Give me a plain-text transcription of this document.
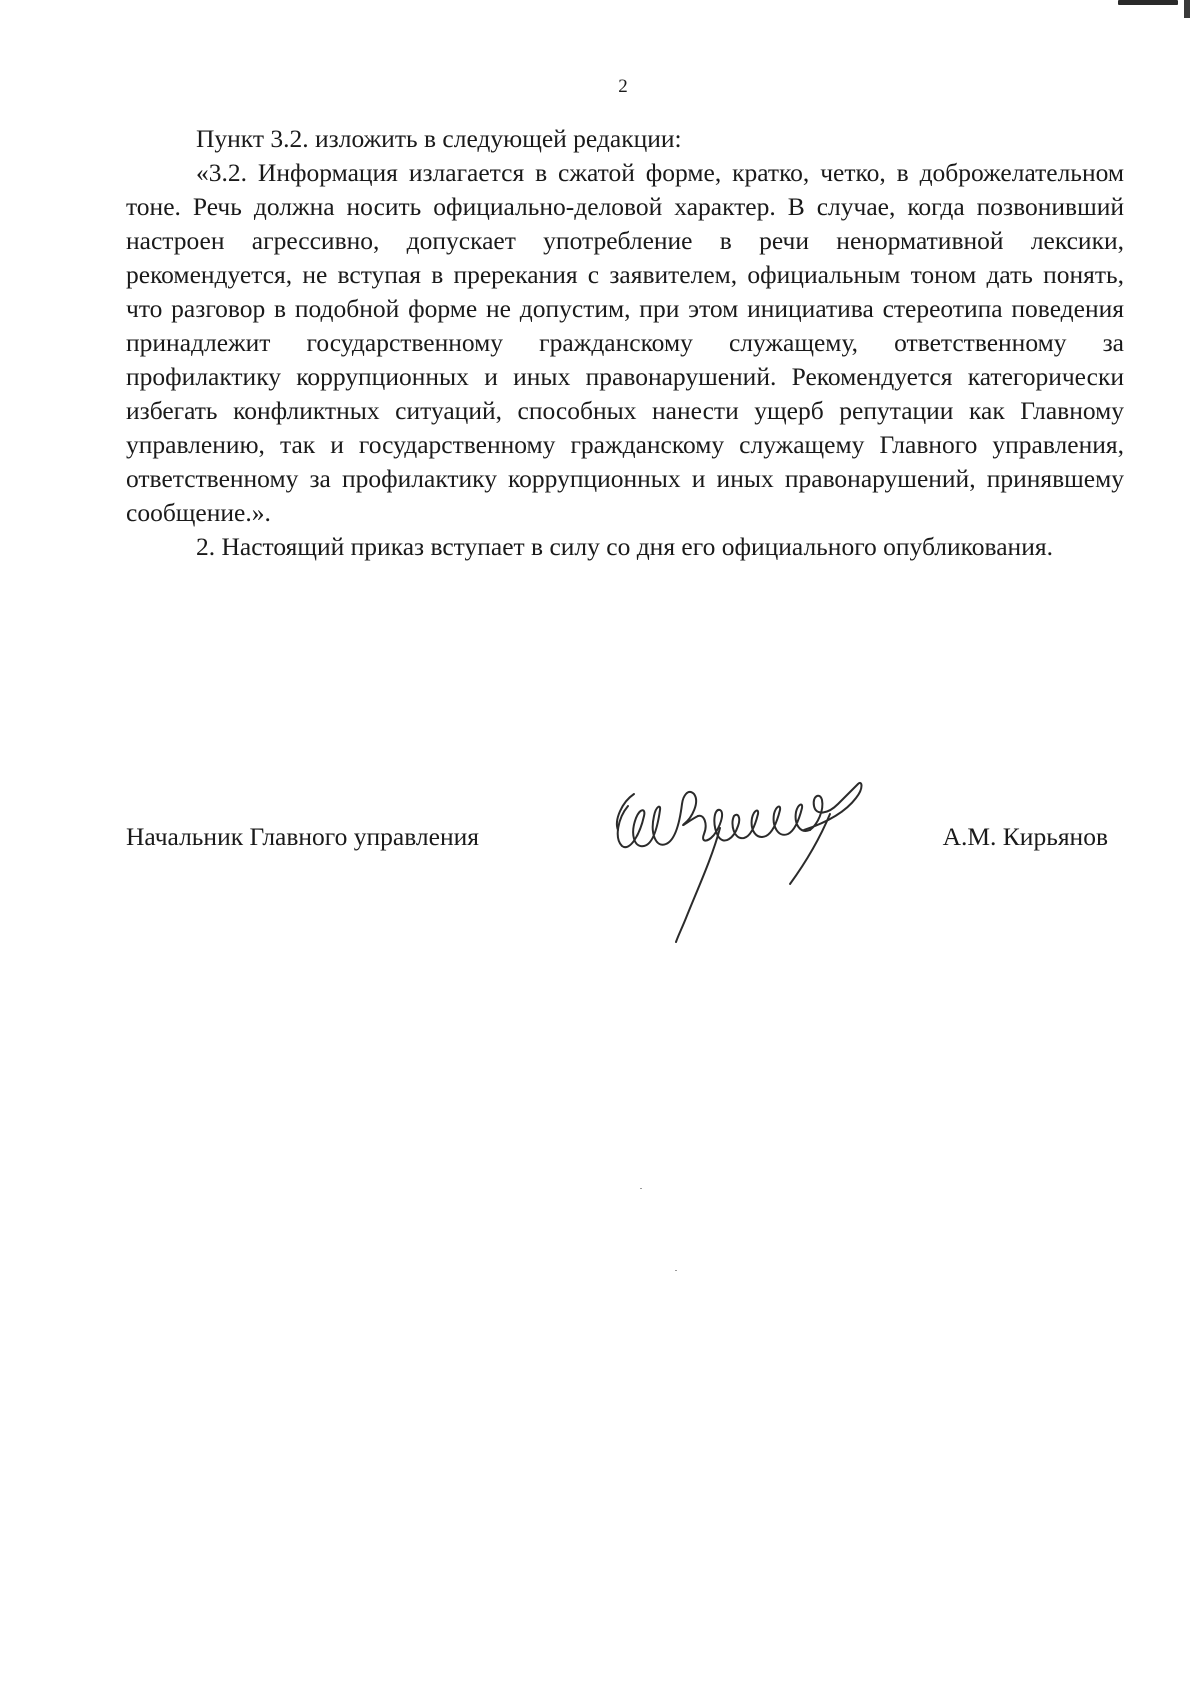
2

Пункт 3.2. изложить в следующей редакции:

«3.2. Информация излагается в сжатой форме, кратко, четко, в доброжелательном тоне. Речь должна носить официально-деловой характер. В случае, когда позвонивший настроен агрессивно, допускает употребление в речи ненормативной лексики, рекомендуется, не вступая в пререкания с заявителем, официальным тоном дать понять, что разговор в подобной форме не допустим, при этом инициатива стереотипа поведения принадлежит государственному гражданскому служащему, ответственному за профилактику коррупционных и иных правонарушений. Рекомендуется категорически избегать конфликтных ситуаций, способных нанести ущерб репутации как Главному управлению, так и государственному гражданскому служащему Главного управления, ответственному за профилактику коррупционных и иных правонарушений, принявшему сообщение.».

2. Настоящий приказ вступает в силу со дня его официального опубликования.

Начальник Главного управления	А.М. Кирьянов
